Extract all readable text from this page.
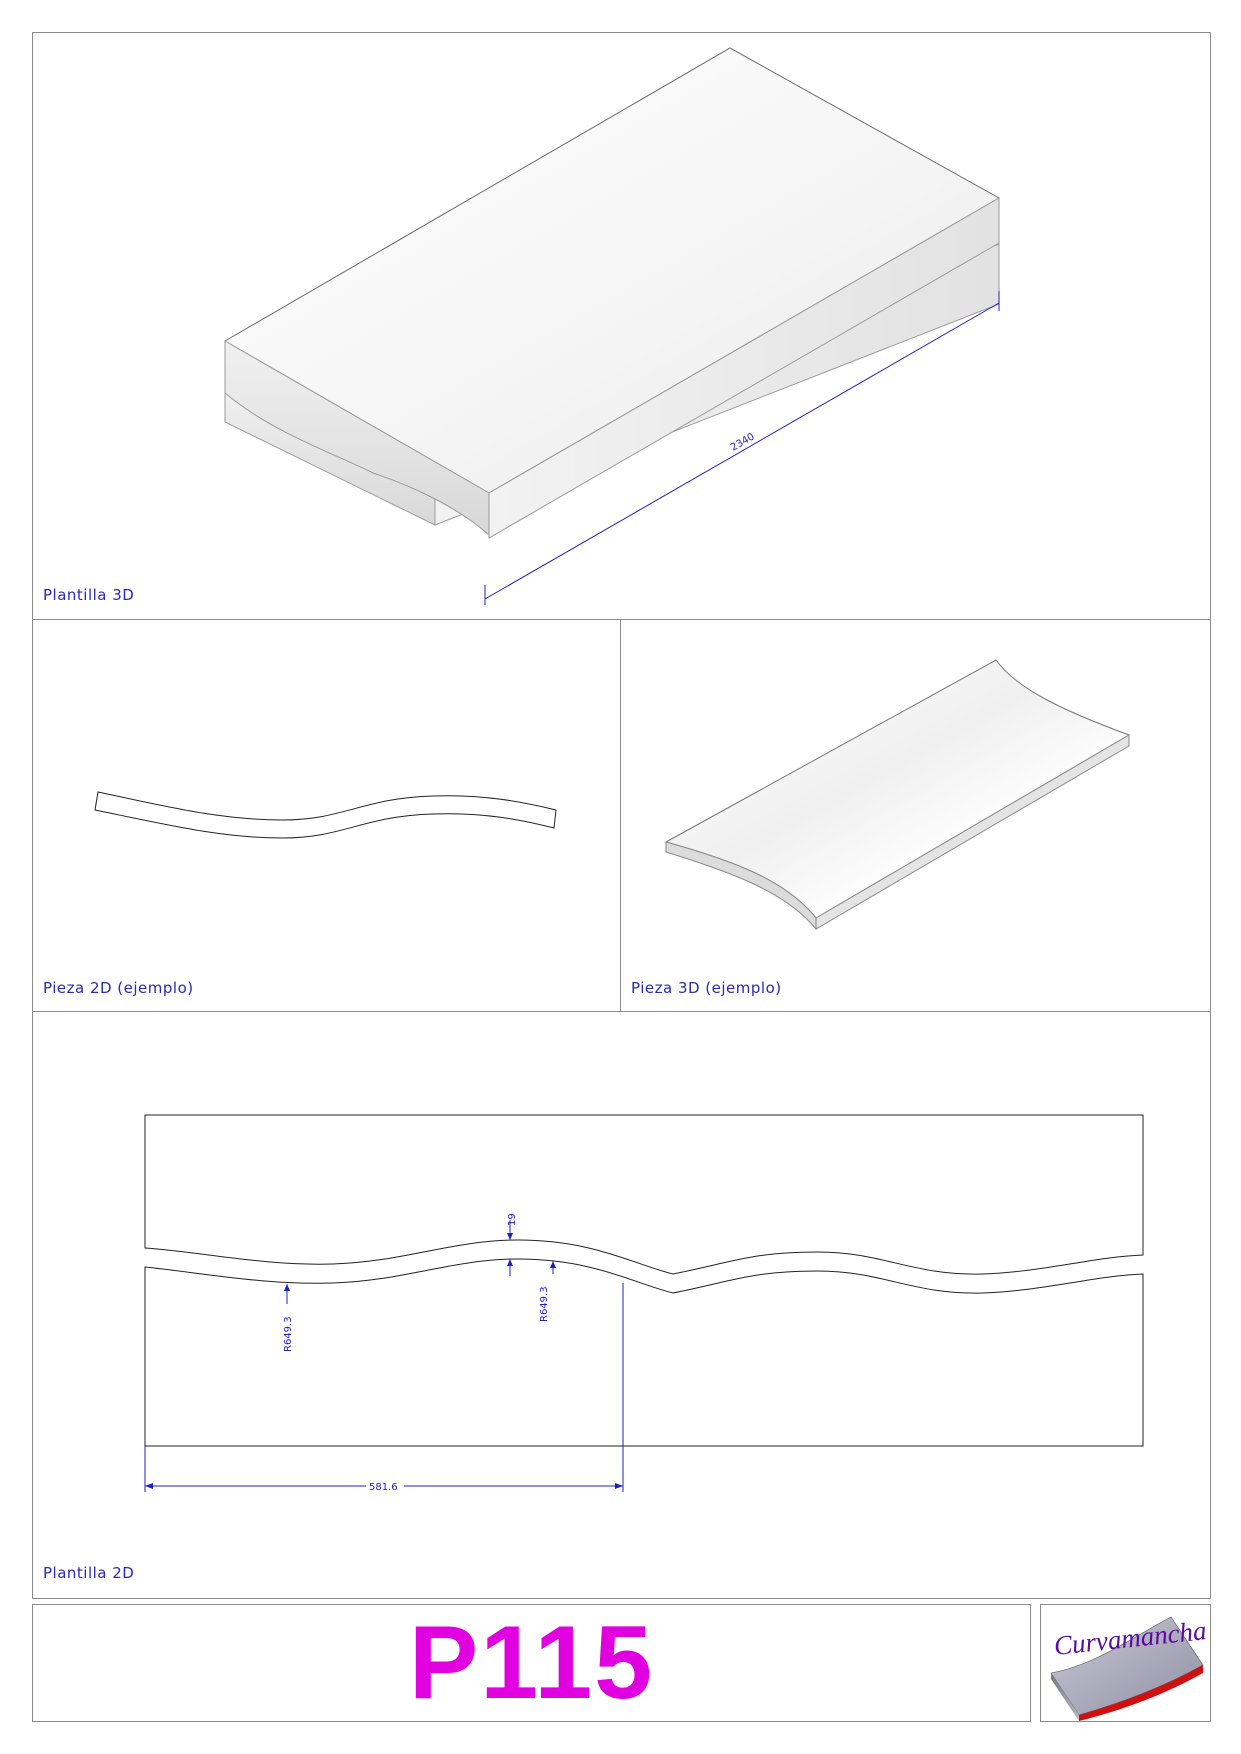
2340
Plantilla 3D
Pieza 2D (ejemplo)	Pieza 3D (ejemplo)
19
R649.3
R649.3
581.6
Plantilla 2D
P115	Curvamancha
